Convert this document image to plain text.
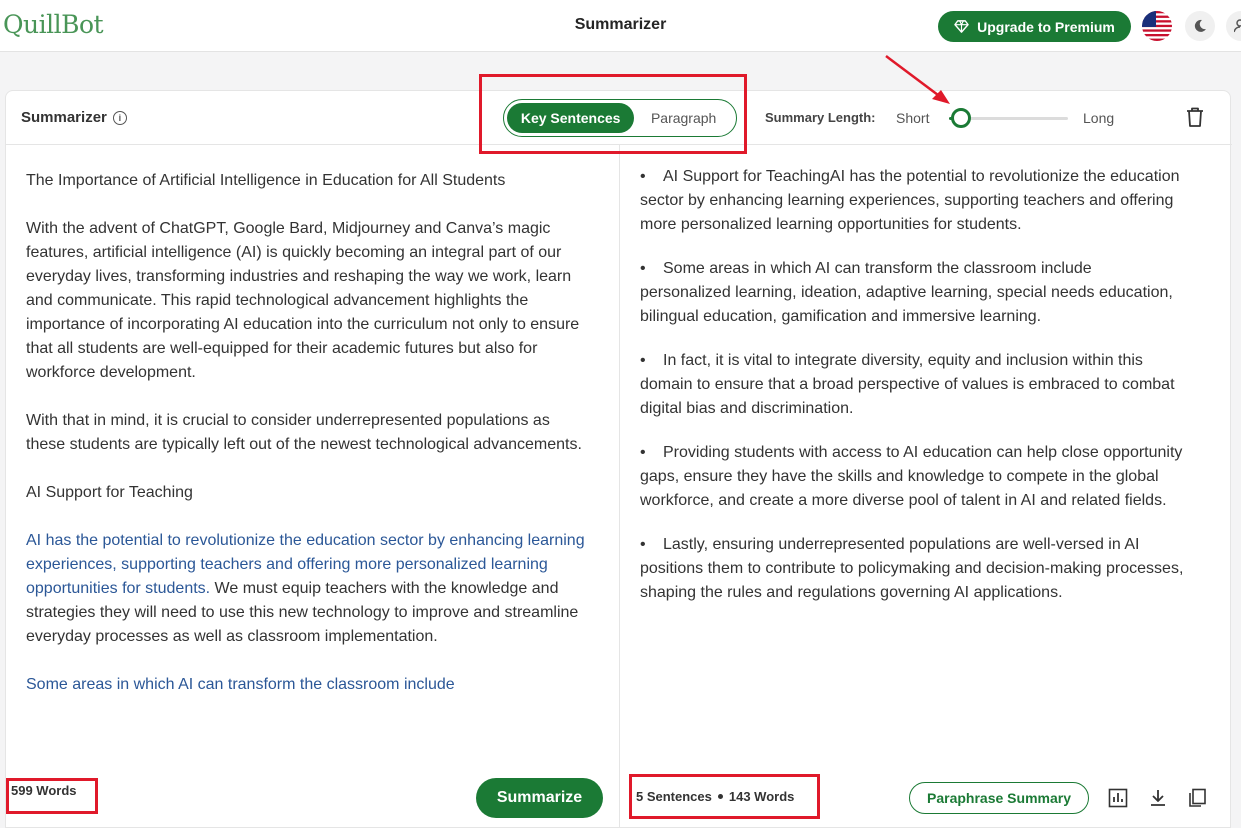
QuillBot	Summarizer	Upgrade to Premium
Summarizer	i	Key Sentences	Paragraph	Summary Length: Short	Long

The Importance of Artificial Intelligence in Education for All Students

With the advent of ChatGPT, Google Bard, Midjourney and Canva’s magic features, artificial intelligence (AI) is quickly becoming an integral part of our everyday lives, transforming industries and reshaping the way we work, learn and communicate. This rapid technological advancement highlights the importance of incorporating AI education into the curriculum not only to ensure that all students are well-equipped for their academic futures but also for workforce development.

With that in mind, it is crucial to consider underrepresented populations as these students are typically left out of the newest technological advancements.

AI Support for Teaching

AI has the potential to revolutionize the education sector by enhancing learning experiences, supporting teachers and offering more personalized learning opportunities for students. We must equip teachers with the knowledge and strategies they will need to use this new technology to improve and streamline everyday processes as well as classroom implementation.

Some areas in which AI can transform the classroom include

599 Words	Summarize
• AI Support for TeachingAI has the potential to revolutionize the education sector by enhancing learning experiences, supporting teachers and offering more personalized learning opportunities for students.
• Some areas in which AI can transform the classroom include personalized learning, ideation, adaptive learning, special needs education, bilingual education, gamification and immersive learning.
• In fact, it is vital to integrate diversity, equity and inclusion within this domain to ensure that a broad perspective of values is embraced to combat digital bias and discrimination.
• Providing students with access to AI education can help close opportunity gaps, ensure they have the skills and knowledge to compete in the global workforce, and create a more diverse pool of talent in AI and related fields.
• Lastly, ensuring underrepresented populations are well-versed in AI positions them to contribute to policymaking and decision-making processes, shaping the rules and regulations governing AI applications.
5 Sentences 143 Words	Paraphrase Summary
